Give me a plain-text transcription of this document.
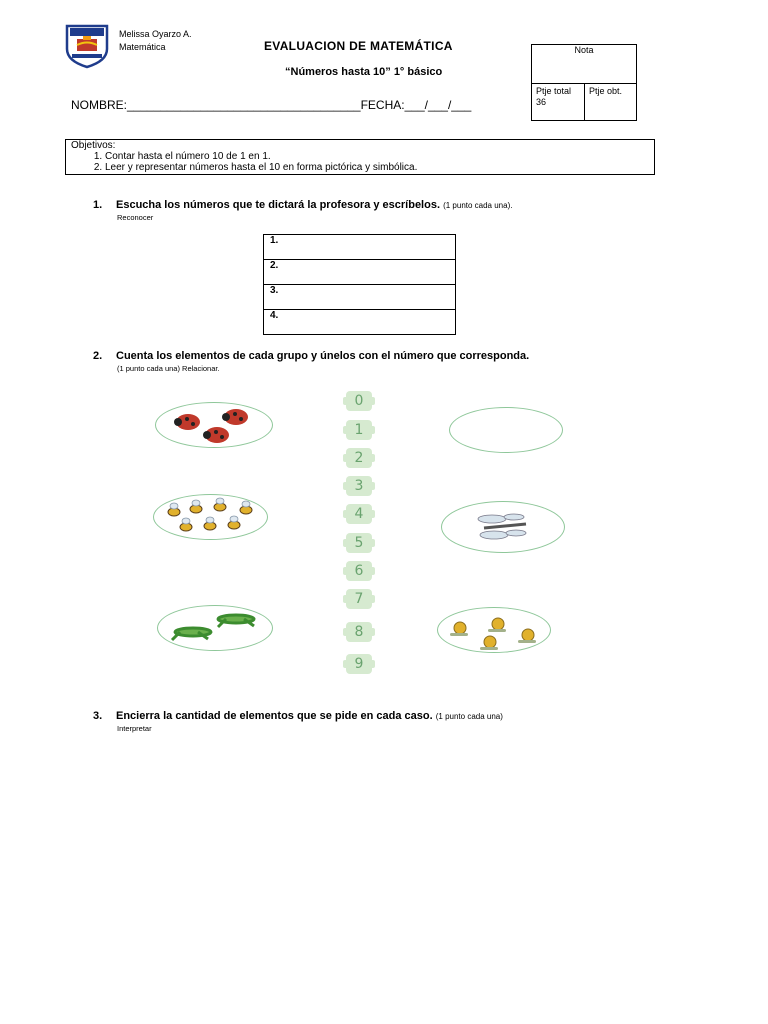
Melissa Oyarzo A.
Matemática	EVALUACION DE MATEMÁTICA
“Números hasta 10” 1° básico
Nota
Ptje total
36
Ptje obt.
NOMBRE:___________________________________FECHA:___/___/___
Objetivos:
1. Contar hasta el número 10 de 1 en 1.
2. Leer y representar números hasta el 10 en forma pictórica y simbólica.
1. Escucha los números que te dictará la profesora y escríbelos. (1 punto cada una).
Reconocer
1.
2.
3.
4.
2. Cuenta los elementos de cada grupo y únelos con el número que corresponda.
(1 punto cada una) Relacionar.
0
1
2
3
4
5
6
7
8
9
3. Encierra la cantidad de elementos que se pide en cada caso. (1 punto cada una)
Interpretar
